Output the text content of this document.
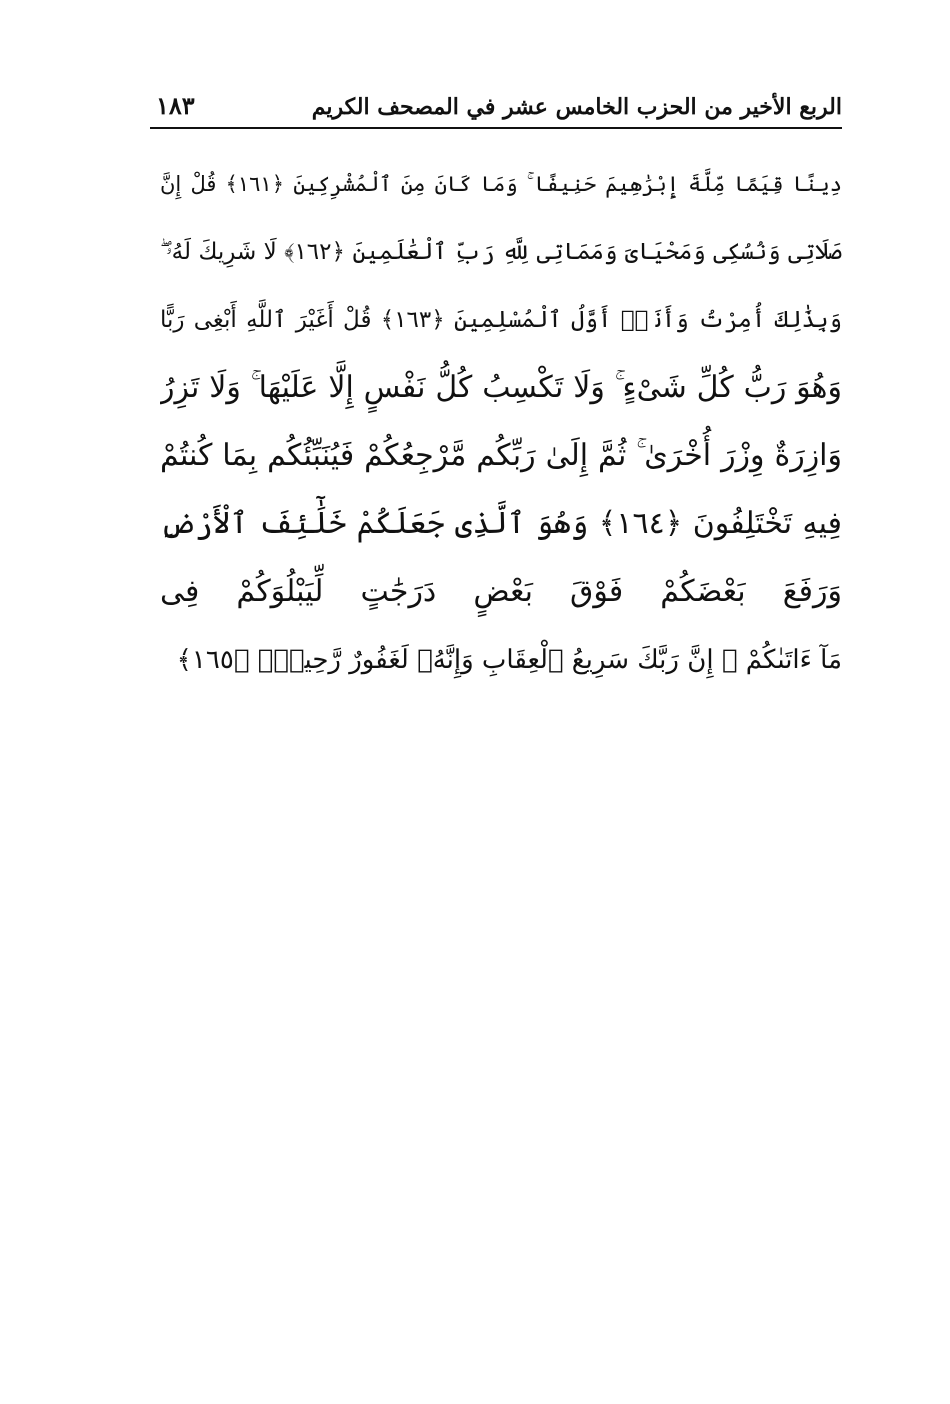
الربع الأخير من الحزب الخامس عشر في المصحف الكريم
١٨٣
دِينًا قِيَمًا مِّلَّةَ إِبْرَٰهِيمَ حَنِيفًا ۚ وَمَا كَانَ مِنَ ٱلْمُشْرِكِينَ ﴿١٦١﴾ قُلْ إِنَّ
صَلَاتِى وَنُسُكِى وَمَحْيَاىَ وَمَمَاتِى لِلَّهِ رَبِّ ٱلْعَٰلَمِينَ ﴿١٦٢﴾ لَا شَرِيكَ لَهُۥ ۖ
وَبِذَٰلِكَ أُمِرْتُ وَأَنَا۠ أَوَّلُ ٱلْمُسْلِمِينَ ﴿١٦٣﴾ قُلْ أَغَيْرَ ٱللَّهِ أَبْغِى رَبًّا
وَهُوَ رَبُّ كُلِّ شَىْءٍ ۚ وَلَا تَكْسِبُ كُلُّ نَفْسٍ إِلَّا عَلَيْهَا ۚ وَلَا تَزِرُ
وَازِرَةٌ وِزْرَ أُخْرَىٰ ۚ ثُمَّ إِلَىٰ رَبِّكُم مَّرْجِعُكُمْ فَيُنَبِّئُكُم بِمَا كُنتُمْ
فِيهِ تَخْتَلِفُونَ ﴿١٦٤﴾ وَهُوَ ٱلَّذِى جَعَلَكُمْ خَلَٰٓئِفَ ٱلْأَرْضِ
وَرَفَعَ بَعْضَكُمْ فَوْقَ بَعْضٍ دَرَجَٰتٍ لِّيَبْلُوَكُمْ فِى
مَآ ءَاتَىٰكُمْ ۗ إِنَّ رَبَّكَ سَرِيعُ ٱلْعِقَابِ وَإِنَّهُۥ لَغَفُورٌ رَّحِيمٌۢ ﴿١٦٥﴾
